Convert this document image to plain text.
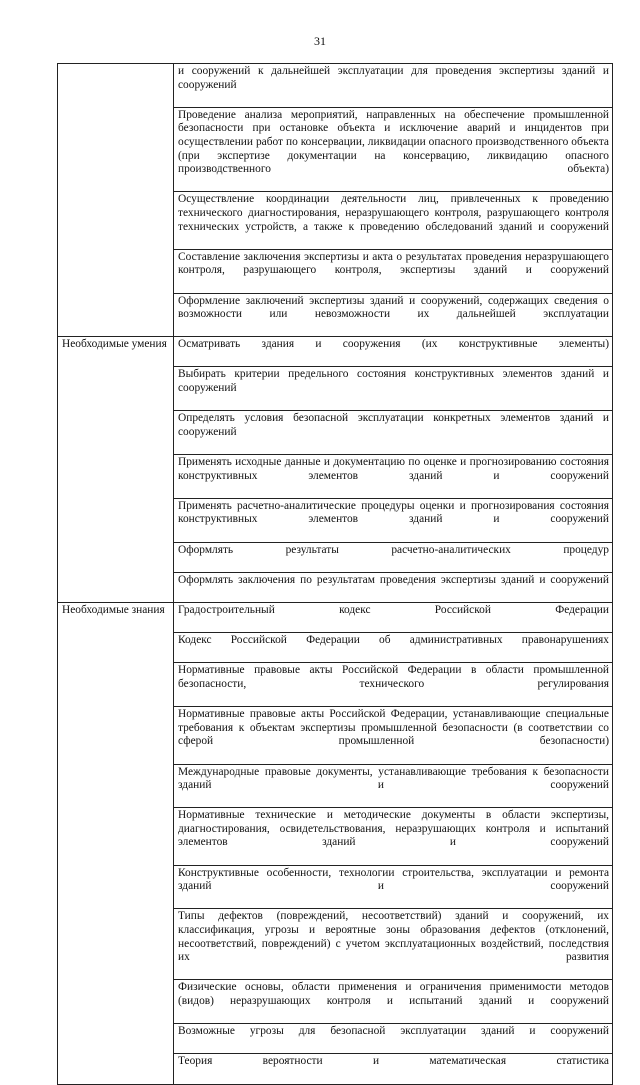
31
	и сооружений к дальнейшей эксплуатации для проведения экспертизы зданий и сооружений
	Проведение анализа мероприятий, направленных на обеспечение промышленной безопасности при остановке объекта и исключение аварий и инцидентов при осуществлении работ по консервации, ликвидации опасного производственного объекта (при экспертизе документации на консервацию, ликвидацию опасного производственного объекта)
	Осуществление координации деятельности лиц, привлеченных к проведению технического диагностирования, неразрушающего контроля, разрушающего контроля технических устройств, а также к проведению обследований зданий и сооружений
	Составление заключения экспертизы и акта о результатах проведения неразрушающего контроля, разрушающего контроля, экспертизы зданий и сооружений
	Оформление заключений экспертизы зданий и сооружений, содержащих сведения о возможности или невозможности их дальнейшей эксплуатации
Необходимые умения	Осматривать здания и сооружения (их конструктивные элементы)
	Выбирать критерии предельного состояния конструктивных элементов зданий и сооружений
	Определять условия безопасной эксплуатации конкретных элементов зданий и сооружений
	Применять исходные данные и документацию по оценке и прогнозированию состояния конструктивных элементов зданий и сооружений
	Применять расчетно-аналитические процедуры оценки и прогнозирования состояния конструктивных элементов зданий и сооружений
	Оформлять результаты расчетно-аналитических процедур
	Оформлять заключения по результатам проведения экспертизы зданий и сооружений
Необходимые знания	Градостроительный кодекс Российской Федерации
	Кодекс Российской Федерации об административных правонарушениях
	Нормативные правовые акты Российской Федерации в области промышленной безопасности, технического регулирования
	Нормативные правовые акты Российской Федерации, устанавливающие специальные требования к объектам экспертизы промышленной безопасности (в соответствии со сферой промышленной безопасности)
	Международные правовые документы, устанавливающие требования к безопасности зданий и сооружений
	Нормативные технические и методические документы в области экспертизы, диагностирования, освидетельствования, неразрушающих контроля и испытаний элементов зданий и сооружений
	Конструктивные особенности, технологии строительства, эксплуатации и ремонта зданий и сооружений
	Типы дефектов (повреждений, несоответствий) зданий и сооружений, их классификация, угрозы и вероятные зоны образования дефектов (отклонений, несоответствий, повреждений) с учетом эксплуатационных воздействий, последствия их развития
	Физические основы, области применения и ограничения применимости методов (видов) неразрушающих контроля и испытаний зданий и сооружений
	Возможные угрозы для безопасной эксплуатации зданий и сооружений
	Теория вероятности и математическая статистика
